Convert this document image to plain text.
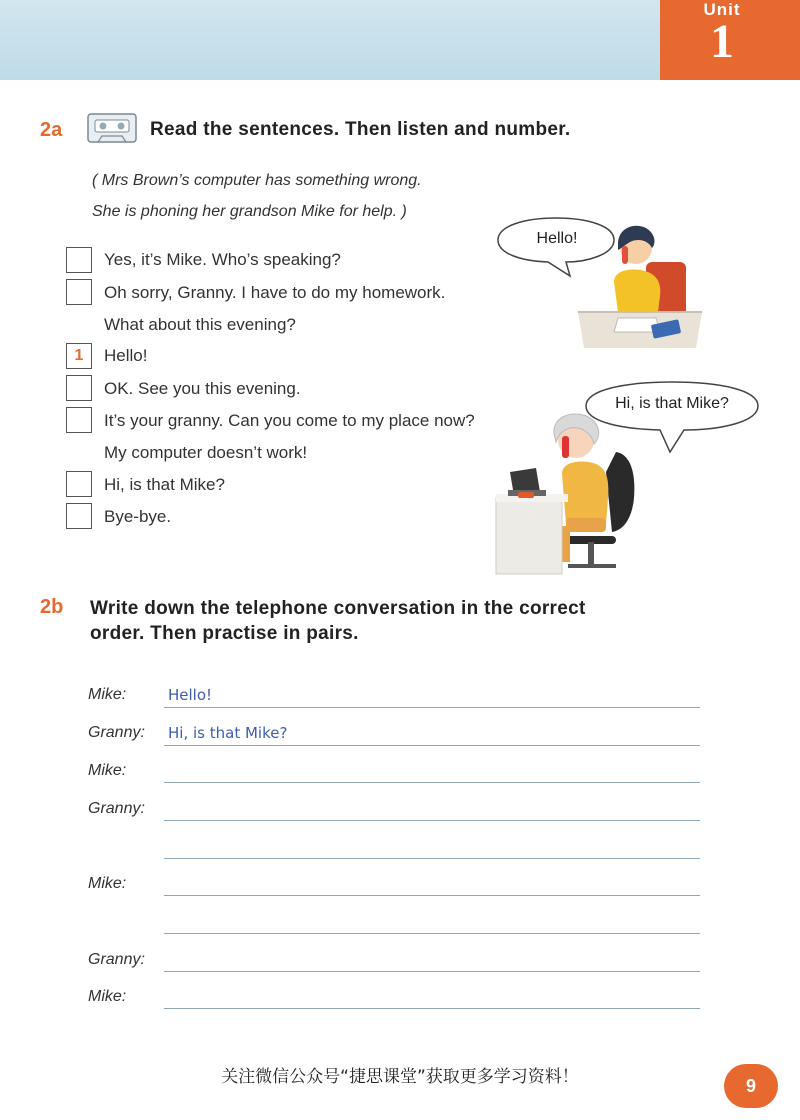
Unit
1
2a	Read the sentences. Then listen and number.
( Mrs Brown’s computer has something wrong.
She is phoning her grandson Mike for help. )
Yes, it’s Mike. Who’s speaking?
Oh sorry, Granny. I have to do my homework.
What about this evening?
1	Hello!
OK. See you this evening.
It’s your granny. Can you come to my place now?
My computer doesn’t work!
Hi, is that Mike?
Bye-bye.
Hello!
Hi, is that Mike?
2b Write down the telephone conversation in the correct
order. Then practise in pairs.
Mike:	Hello!
Granny: Hi, is that Mike?
Mike:
Granny:
Mike:
Granny:
Mike:
关注微信公众号“捷思课堂”获取更多学习资料！	9
